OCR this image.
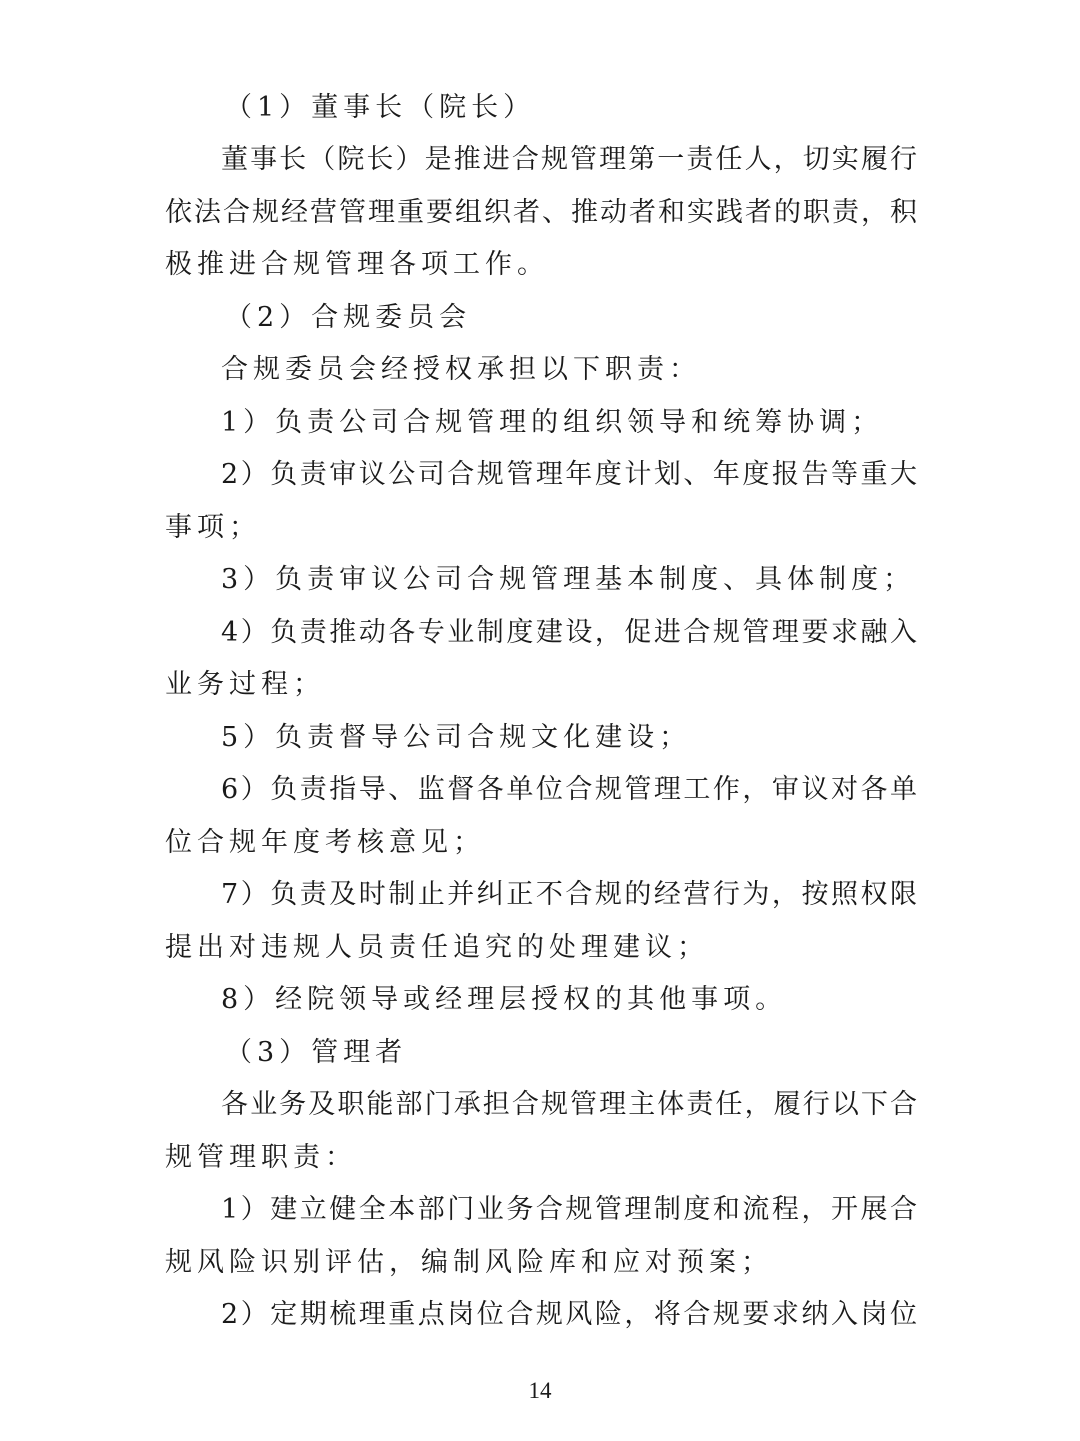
（1）董事长（院长）
董事长（院长）是推进合规管理第一责任人，切实履行
依法合规经营管理重要组织者、推动者和实践者的职责，积
极推进合规管理各项工作。
（2）合规委员会
合规委员会经授权承担以下职责：
1）负责公司合规管理的组织领导和统筹协调；
2）负责审议公司合规管理年度计划、年度报告等重大
事项；
3）负责审议公司合规管理基本制度、具体制度；
4）负责推动各专业制度建设，促进合规管理要求融入
业务过程；
5）负责督导公司合规文化建设；
6）负责指导、监督各单位合规管理工作，审议对各单
位合规年度考核意见；
7）负责及时制止并纠正不合规的经营行为，按照权限
提出对违规人员责任追究的处理建议；
8）经院领导或经理层授权的其他事项。
（3）管理者
各业务及职能部门承担合规管理主体责任，履行以下合
规管理职责：
1）建立健全本部门业务合规管理制度和流程，开展合
规风险识别评估，编制风险库和应对预案；
2）定期梳理重点岗位合规风险，将合规要求纳入岗位
14
